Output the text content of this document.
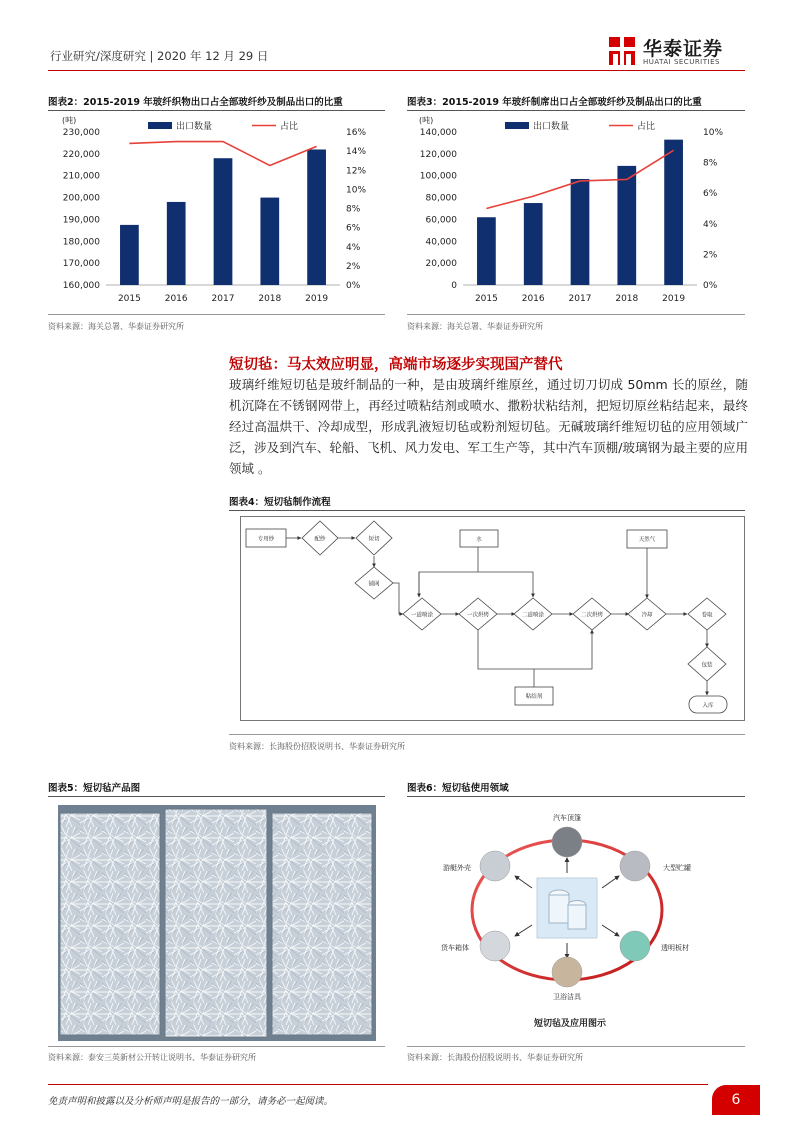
行业研究/深度研究 | 2020 年 12 月 29 日	华泰证券
HUATAI SECURITIES
图表2：2015-2019 年玻纤织物出口占全部玻纤纱及制品出口的比重
(吨)
230,000
220,000
210,000
200,000
190,000
180,000
170,000
160,000
16%
14%
12%
10%
8%
6%
4%
2%
0%
2015	2016	2017	2018	2019
出口数量	占比
资料来源：海关总署、华泰证券研究所
图表3：2015-2019 年玻纤制席出口占全部玻纤纱及制品出口的比重
(吨)
140,000
120,000
100,000
80,000
60,000
40,000
20,000
0
10%
8%
6%
4%
2%
0%
2015	2016	2017	2018	2019
出口数量	占比
资料来源：海关总署、华泰证券研究所
短切毡：马太效应明显，高端市场逐步实现国产替代
玻璃纤维短切毡是玻纤制品的一种，是由玻璃纤维原丝，通过切刀切成 50mm 长的原丝，随机沉降在不锈钢网带上，再经过喷粘结剂或喷水、撒粉状粘结剂，把短切原丝粘结起来，最终经过高温烘干、冷却成型，形成乳液短切毡或粉剂短切毡。无碱玻璃纤维短切毡的应用领域广泛，涉及到汽车、轮船、飞机、风力发电、军工生产等，其中汽车顶棚/玻璃钢为最主要的应用领域 。
图表4：短切毡制作流程
专用纱	配纱	短切
铺网
水
一道喷涂	一次烘烤	二道喷涂	二次烘烤
天然气
冷却	卷取
包装
粘结剂
入库
资料来源：长海股份招股说明书、华泰证券研究所
图表5：短切毡产品图
资料来源：泰安三英新材公开转让说明书、华泰证券研究所
图表6：短切毡使用领域
汽车顶篷
大型贮罐
透明板材
卫浴洁具
货车箱体
游艇外壳
短切毡及应用图示
资料来源：长海股份招股说明书、华泰证券研究所
免责声明和披露以及分析师声明是报告的一部分，请务必一起阅读。	6
